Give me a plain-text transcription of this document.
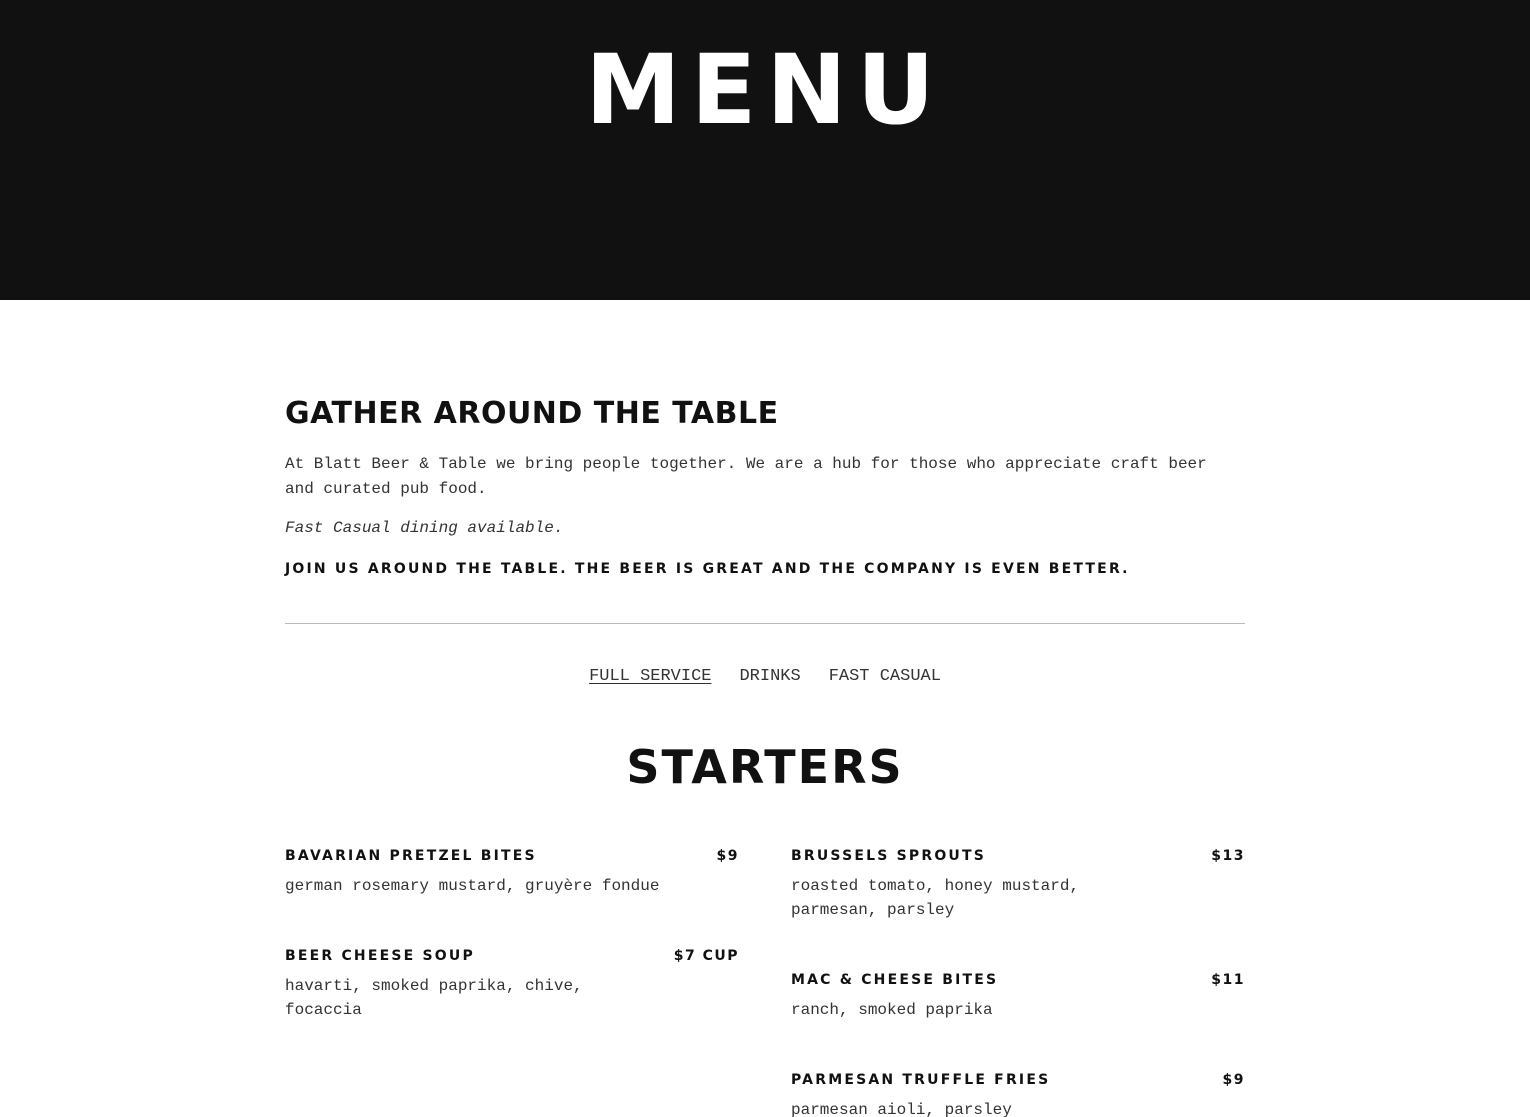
MENU
GATHER AROUND THE TABLE

At Blatt Beer & Table we bring people together. We are a hub for those who appreciate craft beer and curated pub food.

Fast Casual dining available.

JOIN US AROUND THE TABLE. THE BEER IS GREAT AND THE COMPANY IS EVEN BETTER.

FULL SERVICE DRINKS FAST CASUAL
STARTERS
BAVARIAN PRETZEL BITES	$9

german rosemary mustard, gruyère fondue

BEER CHEESE SOUP	$7 CUP

havarti, smoked paprika, chive, focaccia

BRUSSELS SPROUTS	$13

roasted tomato, honey mustard, parmesan, parsley

MAC & CHEESE BITES	$11

ranch, smoked paprika

PARMESAN TRUFFLE FRIES	$9

parmesan aioli, parsley
